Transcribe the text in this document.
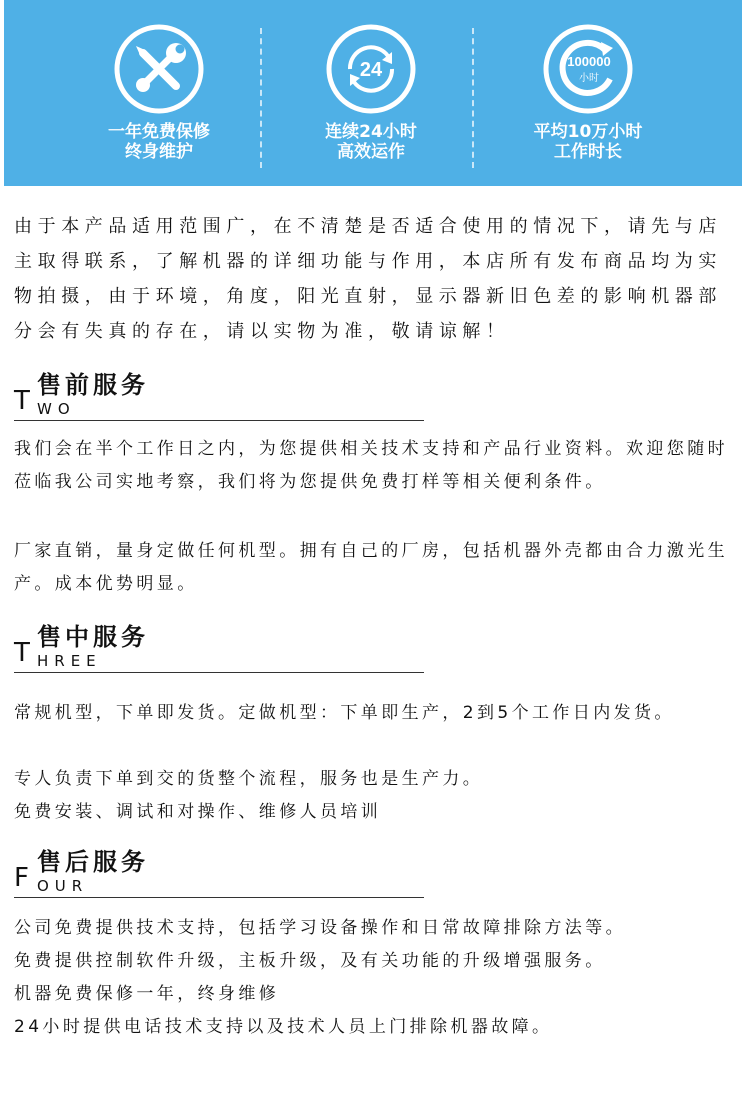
一年免费保修
终身维护
24
连续24小时
高效运作
100000
小时
平均10万小时
工作时长

由于本产品适用范围广，在不清楚是否适合使用的情况下，请先与店主取得联系，了解机器的详细功能与作用，本店所有发布商品均为实物拍摄，由于环境，角度，阳光直射，显示器新旧色差的影响机器部分会有失真的存在，请以实物为准，敬请谅解！

T
售前服务
WO

我们会在半个工作日之内，为您提供相关技术支持和产品行业资料。欢迎您随时莅临我公司实地考察，我们将为您提供免费打样等相关便利条件。

厂家直销，量身定做任何机型。拥有自己的厂房，包括机器外壳都由合力激光生产。成本优势明显。

T
售中服务
HREE

常规机型，下单即发货。定做机型：下单即生产，2到5个工作日内发货。

专人负责下单到交的货整个流程，服务也是生产力。

免费安装、调试和对操作、维修人员培训

F
售后服务
OUR

公司免费提供技术支持，包括学习设备操作和日常故障排除方法等。

免费提供控制软件升级，主板升级，及有关功能的升级增强服务。

机器免费保修一年，终身维修

24小时提供电话技术支持以及技术人员上门排除机器故障。
